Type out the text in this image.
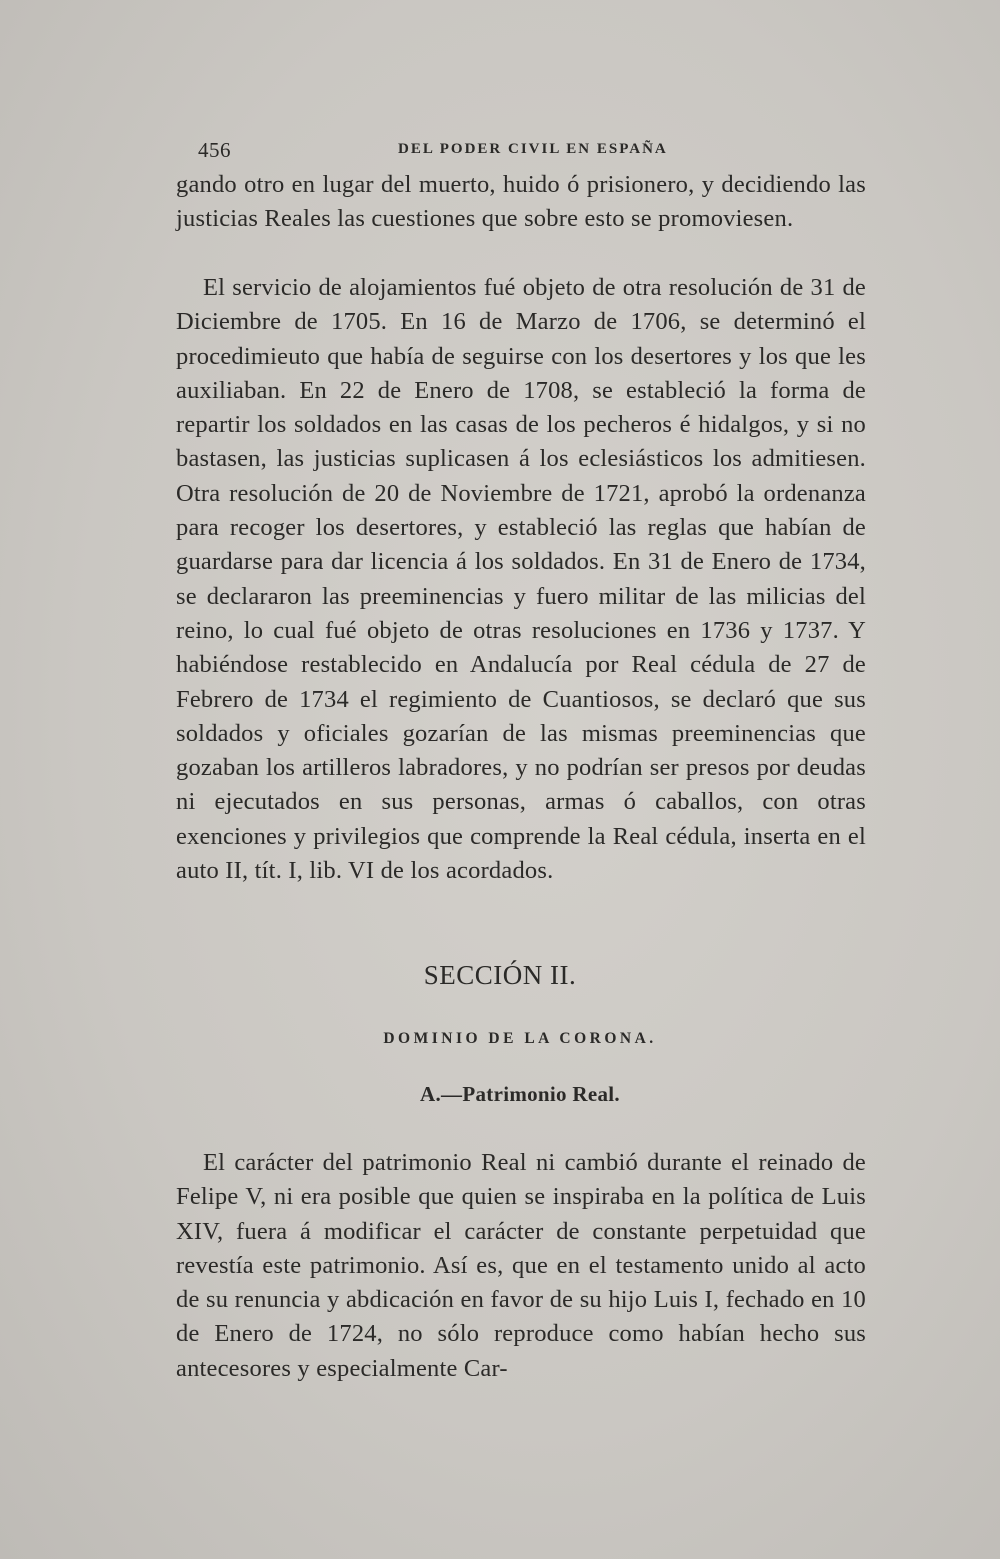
456	DEL PODER CIVIL EN ESPAÑA

gando otro en lugar del muerto, huido ó prisionero, y decidiendo las justicias Reales las cuestiones que sobre esto se promoviesen.

El servicio de alojamientos fué objeto de otra resolución de 31 de Diciembre de 1705. En 16 de Marzo de 1706, se determinó el procedimieuto que había de seguirse con los desertores y los que les auxiliaban. En 22 de Enero de 1708, se estableció la forma de repartir los soldados en las casas de los pecheros é hidalgos, y si no bastasen, las justicias suplicasen á los eclesiásticos los admitiesen. Otra resolución de 20 de Noviembre de 1721, aprobó la ordenanza para recoger los desertores, y estableció las reglas que habían de guardarse para dar licencia á los soldados. En 31 de Enero de 1734, se declararon las preeminencias y fuero militar de las milicias del reino, lo cual fué objeto de otras resoluciones en 1736 y 1737. Y habiéndose restablecido en Andalucía por Real cédula de 27 de Febrero de 1734 el regimiento de Cuantiosos, se declaró que sus soldados y oficiales gozarían de las mismas preeminencias que gozaban los artilleros labradores, y no podrían ser presos por deudas ni ejecutados en sus personas, armas ó caballos, con otras exenciones y privilegios que comprende la Real cédula, inserta en el auto II, tít. I, lib. VI de los acordados.

SECCIÓN II.
DOMINIO DE LA CORONA.
A.—Patrimonio Real.

El carácter del patrimonio Real ni cambió durante el reinado de Felipe V, ni era posible que quien se inspiraba en la política de Luis XIV, fuera á modificar el carácter de constante perpetuidad que revestía este patrimonio. Así es, que en el testamento unido al acto de su renuncia y abdicación en favor de su hijo Luis I, fechado en 10 de Enero de 1724, no sólo reproduce como habían hecho sus antecesores y especialmente Car-
